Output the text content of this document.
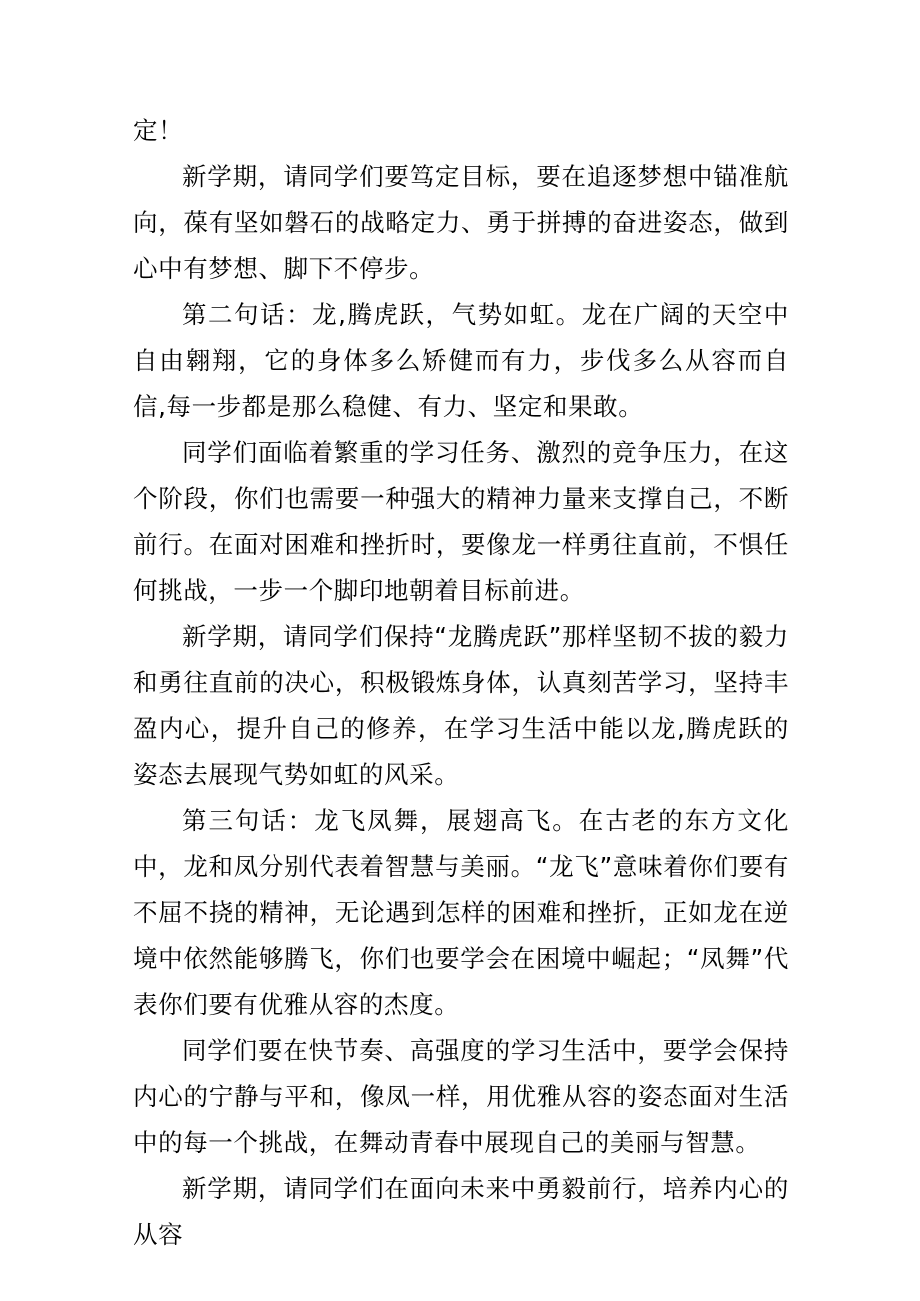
定！

新学期，请同学们要笃定目标，要在追逐梦想中锚准航向，葆有坚如磐石的战略定力、勇于拼搏的奋进姿态，做到心中有梦想、脚下不停步。

第二句话：龙,腾虎跃，气势如虹。龙在广阔的天空中自由翱翔，它的身体多么矫健而有力，步伐多么从容而自信,每一步都是那么稳健、有力、坚定和果敢。

同学们面临着繁重的学习任务、激烈的竞争压力，在这个阶段，你们也需要一种强大的精神力量来支撑自己，不断前行。在面对困难和挫折时，要像龙一样勇往直前，不惧任何挑战，一步一个脚印地朝着目标前进。

新学期，请同学们保持“龙腾虎跃”那样坚韧不拔的毅力和勇往直前的决心，积极锻炼身体，认真刻苦学习，坚持丰盈内心，提升自己的修养，在学习生活中能以龙,腾虎跃的姿态去展现气势如虹的风采。

第三句话：龙飞凤舞，展翅高飞。在古老的东方文化中，龙和凤分别代表着智慧与美丽。“龙飞”意味着你们要有不屈不挠的精神，无论遇到怎样的困难和挫折，正如龙在逆境中依然能够腾飞，你们也要学会在困境中崛起；“凤舞”代表你们要有优雅从容的杰度。

同学们要在快节奏、高强度的学习生活中，要学会保持内心的宁静与平和，像凤一样，用优雅从容的姿态面对生活中的每一个挑战，在舞动青春中展现自己的美丽与智慧。

新学期，请同学们在面向未来中勇毅前行，培养内心的从容
